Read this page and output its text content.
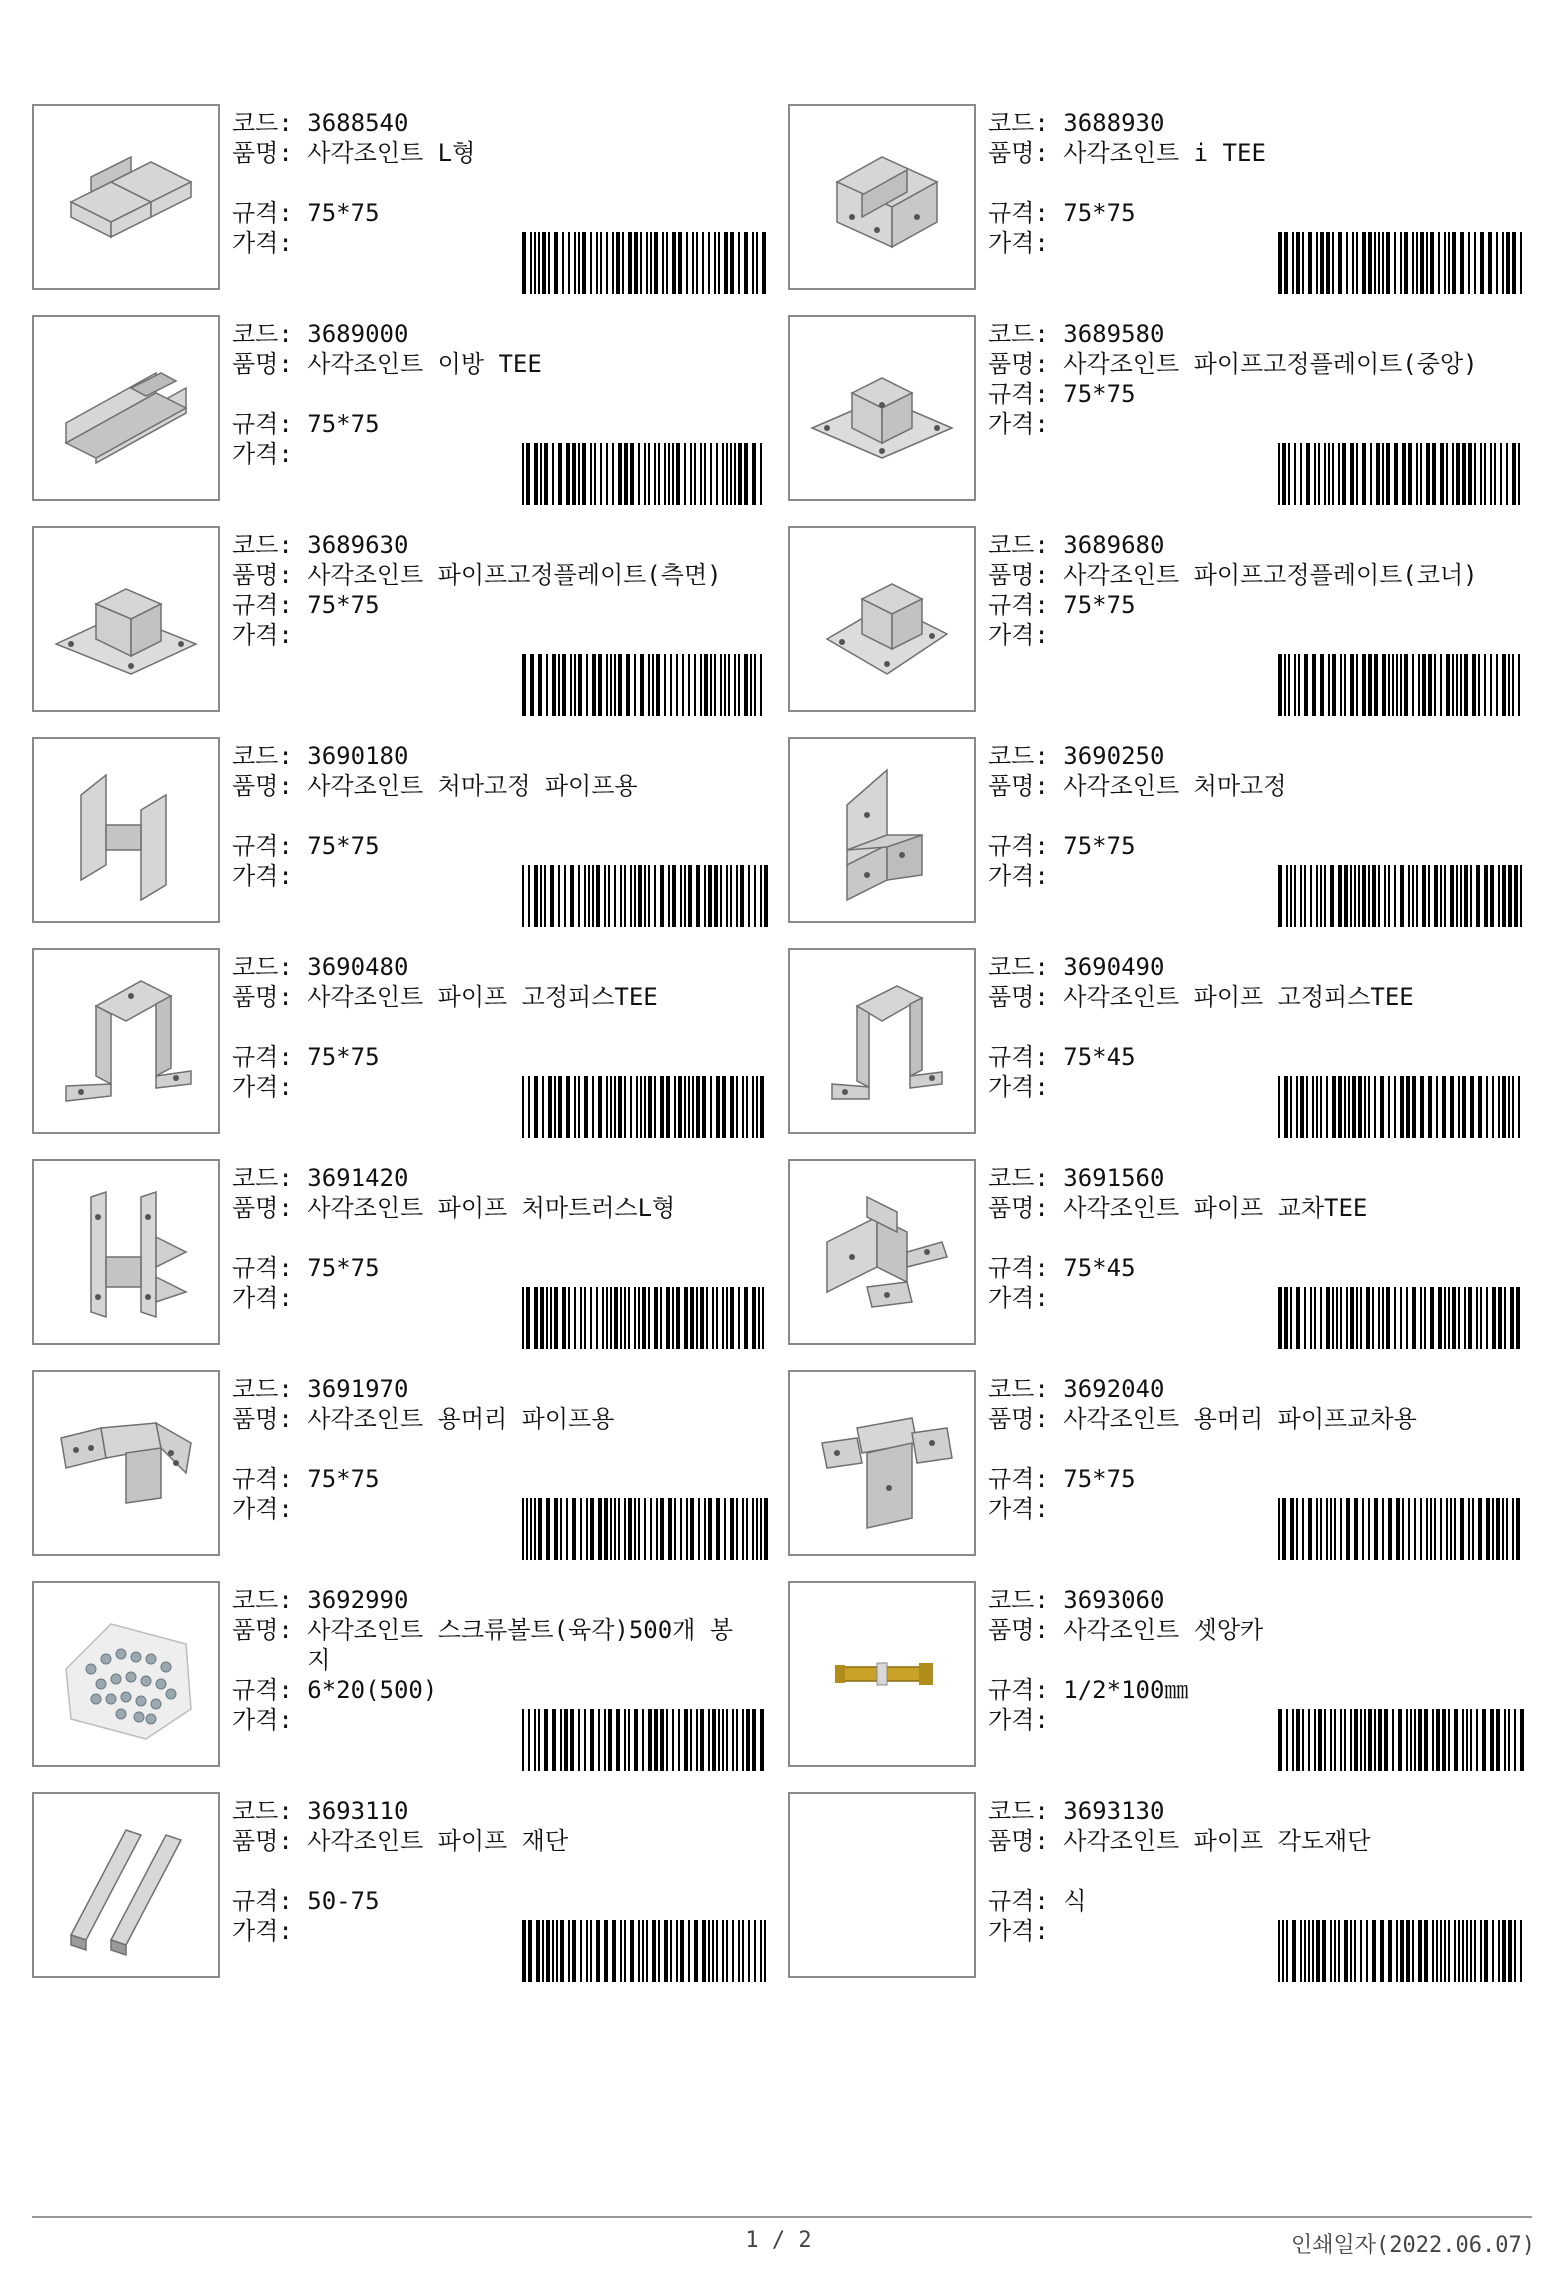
코드: 3688540
품명:
사각조인트 L형
규격: 75*75
가격:
코드: 3688930
품명:
사각조인트 i TEE
규격: 75*75
가격:
코드: 3689000
품명:
사각조인트 이방 TEE
규격: 75*75
가격:
코드: 3689580
품명:
사각조인트 파이프고정플레이트(중앙)
규격: 75*75
가격:
코드: 3689630
품명:
사각조인트 파이프고정플레이트(측면)
규격: 75*75
가격:
코드: 3689680
품명:
사각조인트 파이프고정플레이트(코너)
규격: 75*75
가격:
코드: 3690180
품명:
사각조인트 처마고정 파이프용
규격: 75*75
가격:
코드: 3690250
품명:
사각조인트 처마고정
규격: 75*75
가격:
코드: 3690480
품명:
사각조인트 파이프 고정피스TEE
규격: 75*75
가격:
코드: 3690490
품명:
사각조인트 파이프 고정피스TEE
규격: 75*45
가격:
코드: 3691420
품명:
사각조인트 파이프 처마트러스L형
규격: 75*75
가격:
코드: 3691560
품명:
사각조인트 파이프 교차TEE
규격: 75*45
가격:
코드: 3691970
품명:
사각조인트 용머리 파이프용
규격: 75*75
가격:
코드: 3692040
품명:
사각조인트 용머리 파이프교차용
규격: 75*75
가격:
코드: 3692990
품명:
사각조인트 스크류볼트(육각)500개 봉지
규격: 6*20(500)
가격:
코드: 3693060
품명:
사각조인트 셋앙카
규격: 1/2*100㎜
가격:
코드: 3693110
품명:
사각조인트 파이프 재단
규격: 50-75
가격:
코드: 3693130
품명:
사각조인트 파이프 각도재단
규격: 식
가격:
1 / 2	인쇄일자(2022.06.07)
